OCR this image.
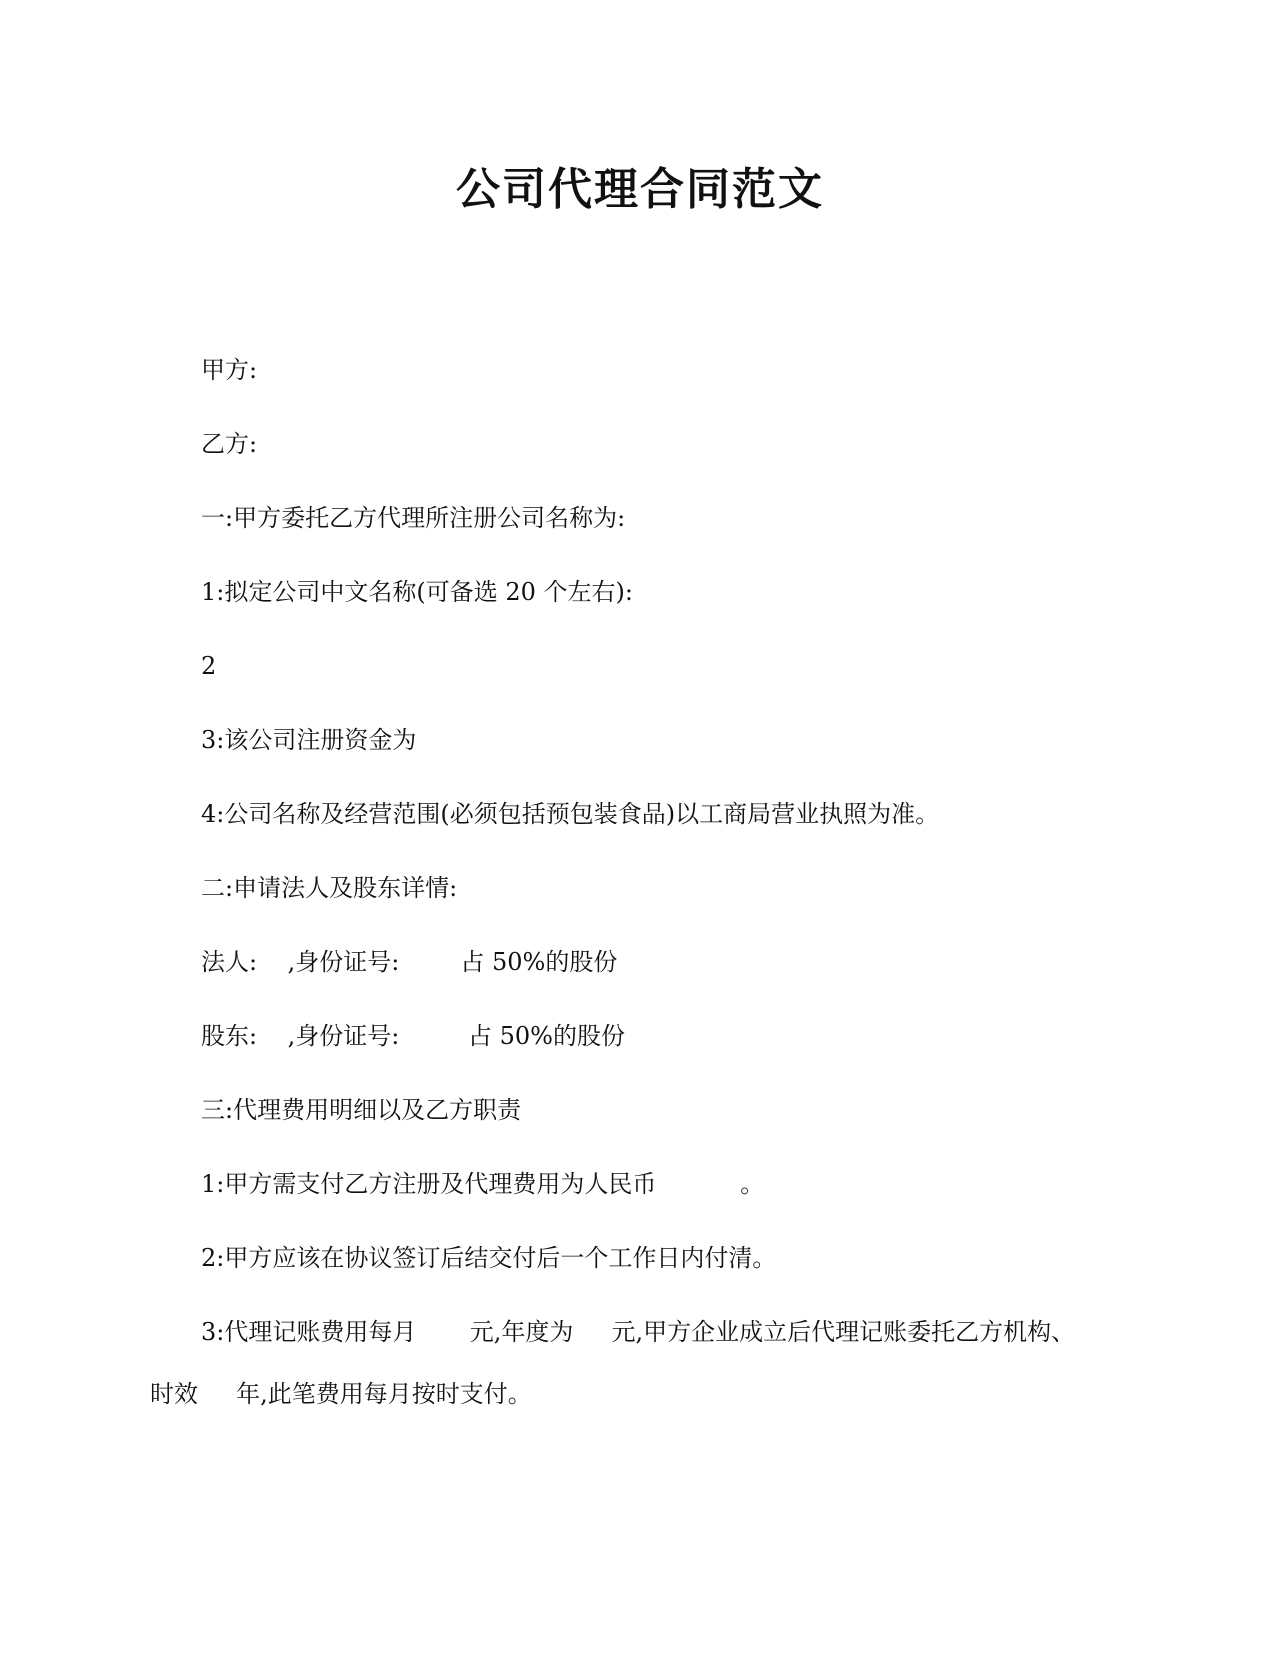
公司代理合同范文

甲方:

乙方:

一:甲方委托乙方代理所注册公司名称为:

1:拟定公司中文名称(可备选 20 个左右):

2

3:该公司注册资金为

4:公司名称及经营范围(必须包括预包装食品)以工商局营业执照为准。

二:申请法人及股东详情:

法人:    ,身份证号:        占 50%的股份

股东:    ,身份证号:         占 50%的股份

三:代理费用明细以及乙方职责

1:甲方需支付乙方注册及代理费用为人民币           。

2:甲方应该在协议签订后结交付后一个工作日内付清。

3:代理记账费用每月       元,年度为     元,甲方企业成立后代理记账委托乙方机构、

时效     年,此笔费用每月按时支付。
